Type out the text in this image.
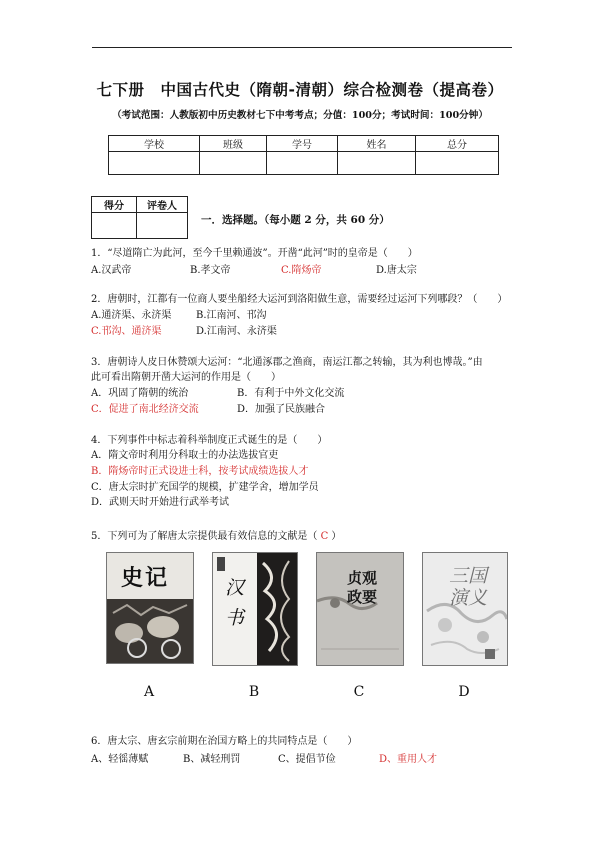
七下册　中国古代史（隋朝-清朝）综合检测卷（提高卷）
（考试范围：人教版初中历史教材七下中考考点；分值：100分；考试时间：100分钟）
学校	班级	学号	姓名	总分

得分	评卷人

一．选择题。（每小题 2 分，共 60 分）
1．“尽道隋亡为此河，至今千里赖通波”。开凿“此河”时的皇帝是（　　）
A.汉武帝	B.孝文帝	C.隋炀帝	D.唐太宗
2．唐朝时，江都有一位商人要坐船经大运河到洛阳做生意，需要经过运河下列哪段？（　　）
A.通济渠、永济渠 B.江南河、邗沟
C.邗沟、通济渠	D.江南河、永济渠
3．唐朝诗人皮日休赞颂大运河：“北通涿郡之渔商，南运江都之转输，其为利也博哉。”由
此可看出隋朝开凿大运河的作用是（　　）
A．巩固了隋朝的统治	B．有利于中外文化交流
C．促进了南北经济交流	D．加强了民族融合
4．下列事件中标志着科举制度正式诞生的是（　　）
A．隋文帝时利用分科取士的办法选拔官吏
B．隋炀帝时正式设进士科，按考试成绩选拔人才
C．唐太宗时扩充国学的规模，扩建学舍，增加学员
D．武则天时开始进行武举考试
5．下列可为了解唐太宗提供最有效信息的文献是（ C ）
史记	汉书
贞观政要
三国演义
A	B	C	D
6．唐太宗、唐玄宗前期在治国方略上的共同特点是（　　）
A、轻徭薄赋	B、减轻刑罚	C、提倡节俭	D、重用人才
